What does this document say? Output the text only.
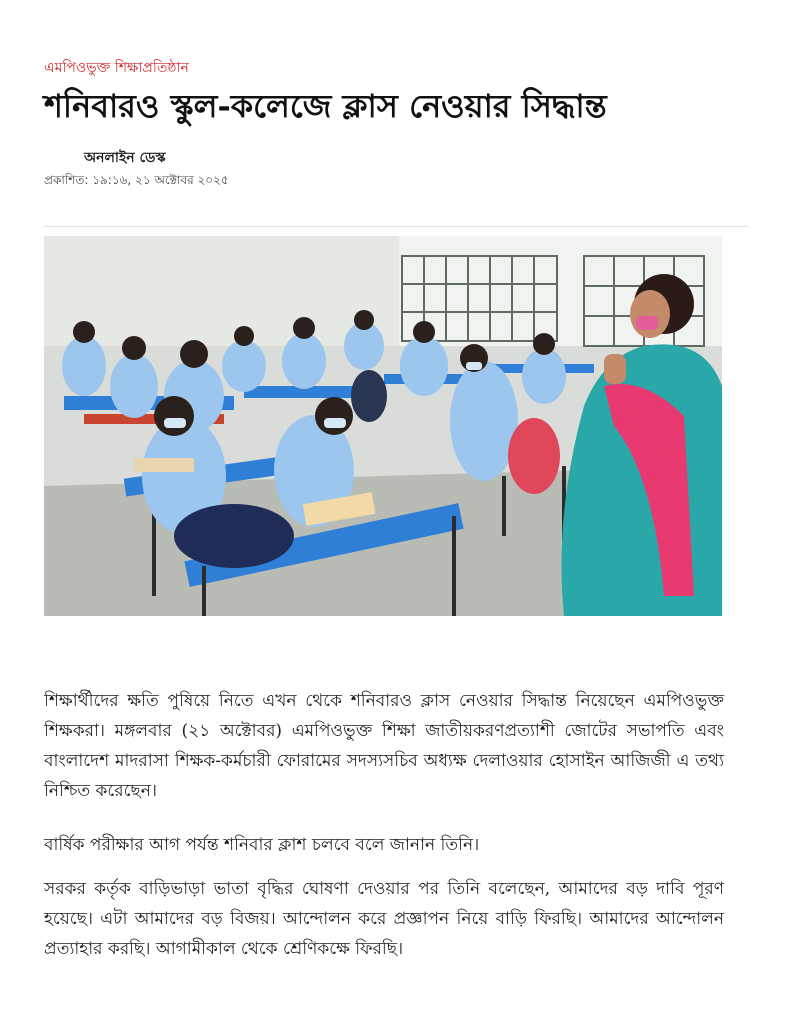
এমপিওভুক্ত শিক্ষাপ্রতিষ্ঠান
শনিবারও স্কুল-কলেজে ক্লাস নেওয়ার সিদ্ধান্ত
অনলাইন ডেস্ক
প্রকাশিত: ১৯:১৬, ২১ অক্টোবর ২০২৫

শিক্ষার্থীদের ক্ষতি পুষিয়ে নিতে এখন থেকে শনিবারও ক্লাস নেওয়ার সিদ্ধান্ত নিয়েছেন এমপিওভুক্ত শিক্ষকরা। মঙ্গলবার (২১ অক্টোবর) এমপিওভুক্ত শিক্ষা জাতীয়করণপ্রত্যাশী জোটের সভাপতি এবং বাংলাদেশ মাদরাসা শিক্ষক-কর্মচারী ফোরামের সদস্যসচিব অধ্যক্ষ দেলাওয়ার হোসাইন আজিজী এ তথ্য নিশ্চিত করেছেন।

বার্ষিক পরীক্ষার আগ পর্যন্ত শনিবার ক্লাশ চলবে বলে জানান তিনি।

সরকর কর্তৃক বাড়িভাড়া ভাতা বৃদ্ধির ঘোষণা দেওয়ার পর তিনি বলেছেন, আমাদের বড় দাবি পূরণ হয়েছে। এটা আমাদের বড় বিজয়। আন্দোলন করে প্রজ্ঞাপন নিয়ে বাড়ি ফিরছি। আমাদের আন্দোলন প্রত্যাহার করছি। আগামীকাল থেকে শ্রেণিকক্ষে ফিরছি।
